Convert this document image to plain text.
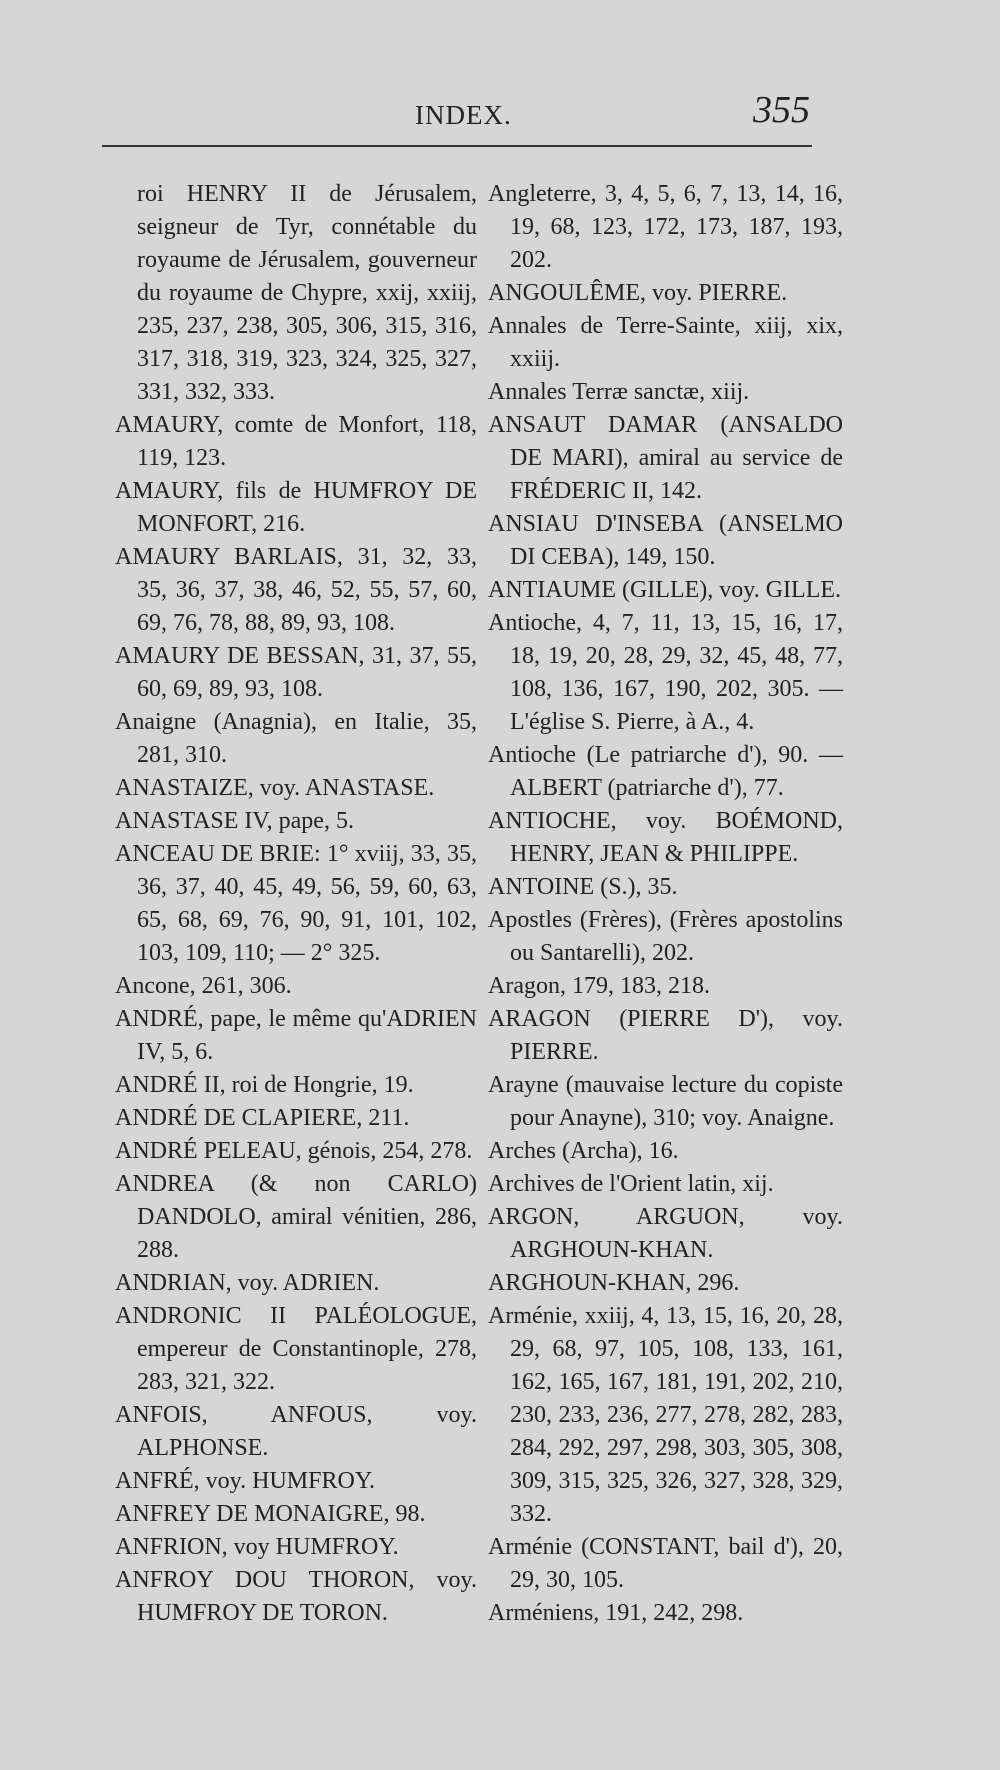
INDEX.	355

roi HENRY II de Jérusalem, seigneur de Tyr, connétable du royaume de Jérusalem, gouverneur du royaume de Chypre, xxij, xxiij, 235, 237, 238, 305, 306, 315, 316, 317, 318, 319, 323, 324, 325, 327, 331, 332, 333.

AMAURY, comte de Monfort, 118, 119, 123.

AMAURY, fils de HUMFROY DE MONFORT, 216.

AMAURY BARLAIS, 31, 32, 33, 35, 36, 37, 38, 46, 52, 55, 57, 60, 69, 76, 78, 88, 89, 93, 108.

AMAURY DE BESSAN, 31, 37, 55, 60, 69, 89, 93, 108.

Anaigne (Anagnia), en Italie, 35, 281, 310.

ANASTAIZE, voy. ANASTASE.

ANASTASE IV, pape, 5.

ANCEAU DE BRIE: 1° xviij, 33, 35, 36, 37, 40, 45, 49, 56, 59, 60, 63, 65, 68, 69, 76, 90, 91, 101, 102, 103, 109, 110; — 2° 325.

Ancone, 261, 306.

ANDRÉ, pape, le même qu'ADRIEN IV, 5, 6.

ANDRÉ II, roi de Hongrie, 19.

ANDRÉ DE CLAPIERE, 211.

ANDRÉ PELEAU, génois, 254, 278.

ANDREA (& non CARLO) DANDOLO, amiral vénitien, 286, 288.

ANDRIAN, voy. ADRIEN.

ANDRONIC II PALÉOLOGUE, empereur de Constantinople, 278, 283, 321, 322.

ANFOIS, ANFOUS, voy. ALPHONSE.

ANFRÉ, voy. HUMFROY.

ANFREY DE MONAIGRE, 98.

ANFRION, voy HUMFROY.

ANFROY DOU THORON, voy. HUMFROY DE TORON.

Angleterre, 3, 4, 5, 6, 7, 13, 14, 16, 19, 68, 123, 172, 173, 187, 193, 202.

ANGOULÊME, voy. PIERRE.

Annales de Terre-Sainte, xiij, xix, xxiij.

Annales Terræ sanctæ, xiij.

ANSAUT DAMAR (ANSALDO DE MARI), amiral au service de FRÉDERIC II, 142.

ANSIAU D'INSEBA (ANSELMO DI CEBA), 149, 150.

ANTIAUME (GILLE), voy. GILLE.

Antioche, 4, 7, 11, 13, 15, 16, 17, 18, 19, 20, 28, 29, 32, 45, 48, 77, 108, 136, 167, 190, 202, 305. — L'église S. Pierre, à A., 4.

Antioche (Le patriarche d'), 90. — ALBERT (patriarche d'), 77.

ANTIOCHE, voy. BOÉMOND, HENRY, JEAN & PHILIPPE.

ANTOINE (S.), 35.

Apostles (Frères), (Frères apostolins ou Santarelli), 202.

Aragon, 179, 183, 218.

ARAGON (PIERRE D'), voy. PIERRE.

Arayne (mauvaise lecture du copiste pour Anayne), 310; voy. Anaigne.

Arches (Archa), 16.

Archives de l'Orient latin, xij.

ARGON, ARGUON, voy. ARGHOUN-KHAN.

ARGHOUN-KHAN, 296.

Arménie, xxiij, 4, 13, 15, 16, 20, 28, 29, 68, 97, 105, 108, 133, 161, 162, 165, 167, 181, 191, 202, 210, 230, 233, 236, 277, 278, 282, 283, 284, 292, 297, 298, 303, 305, 308, 309, 315, 325, 326, 327, 328, 329, 332.

Arménie (CONSTANT, bail d'), 20, 29, 30, 105.

Arméniens, 191, 242, 298.
